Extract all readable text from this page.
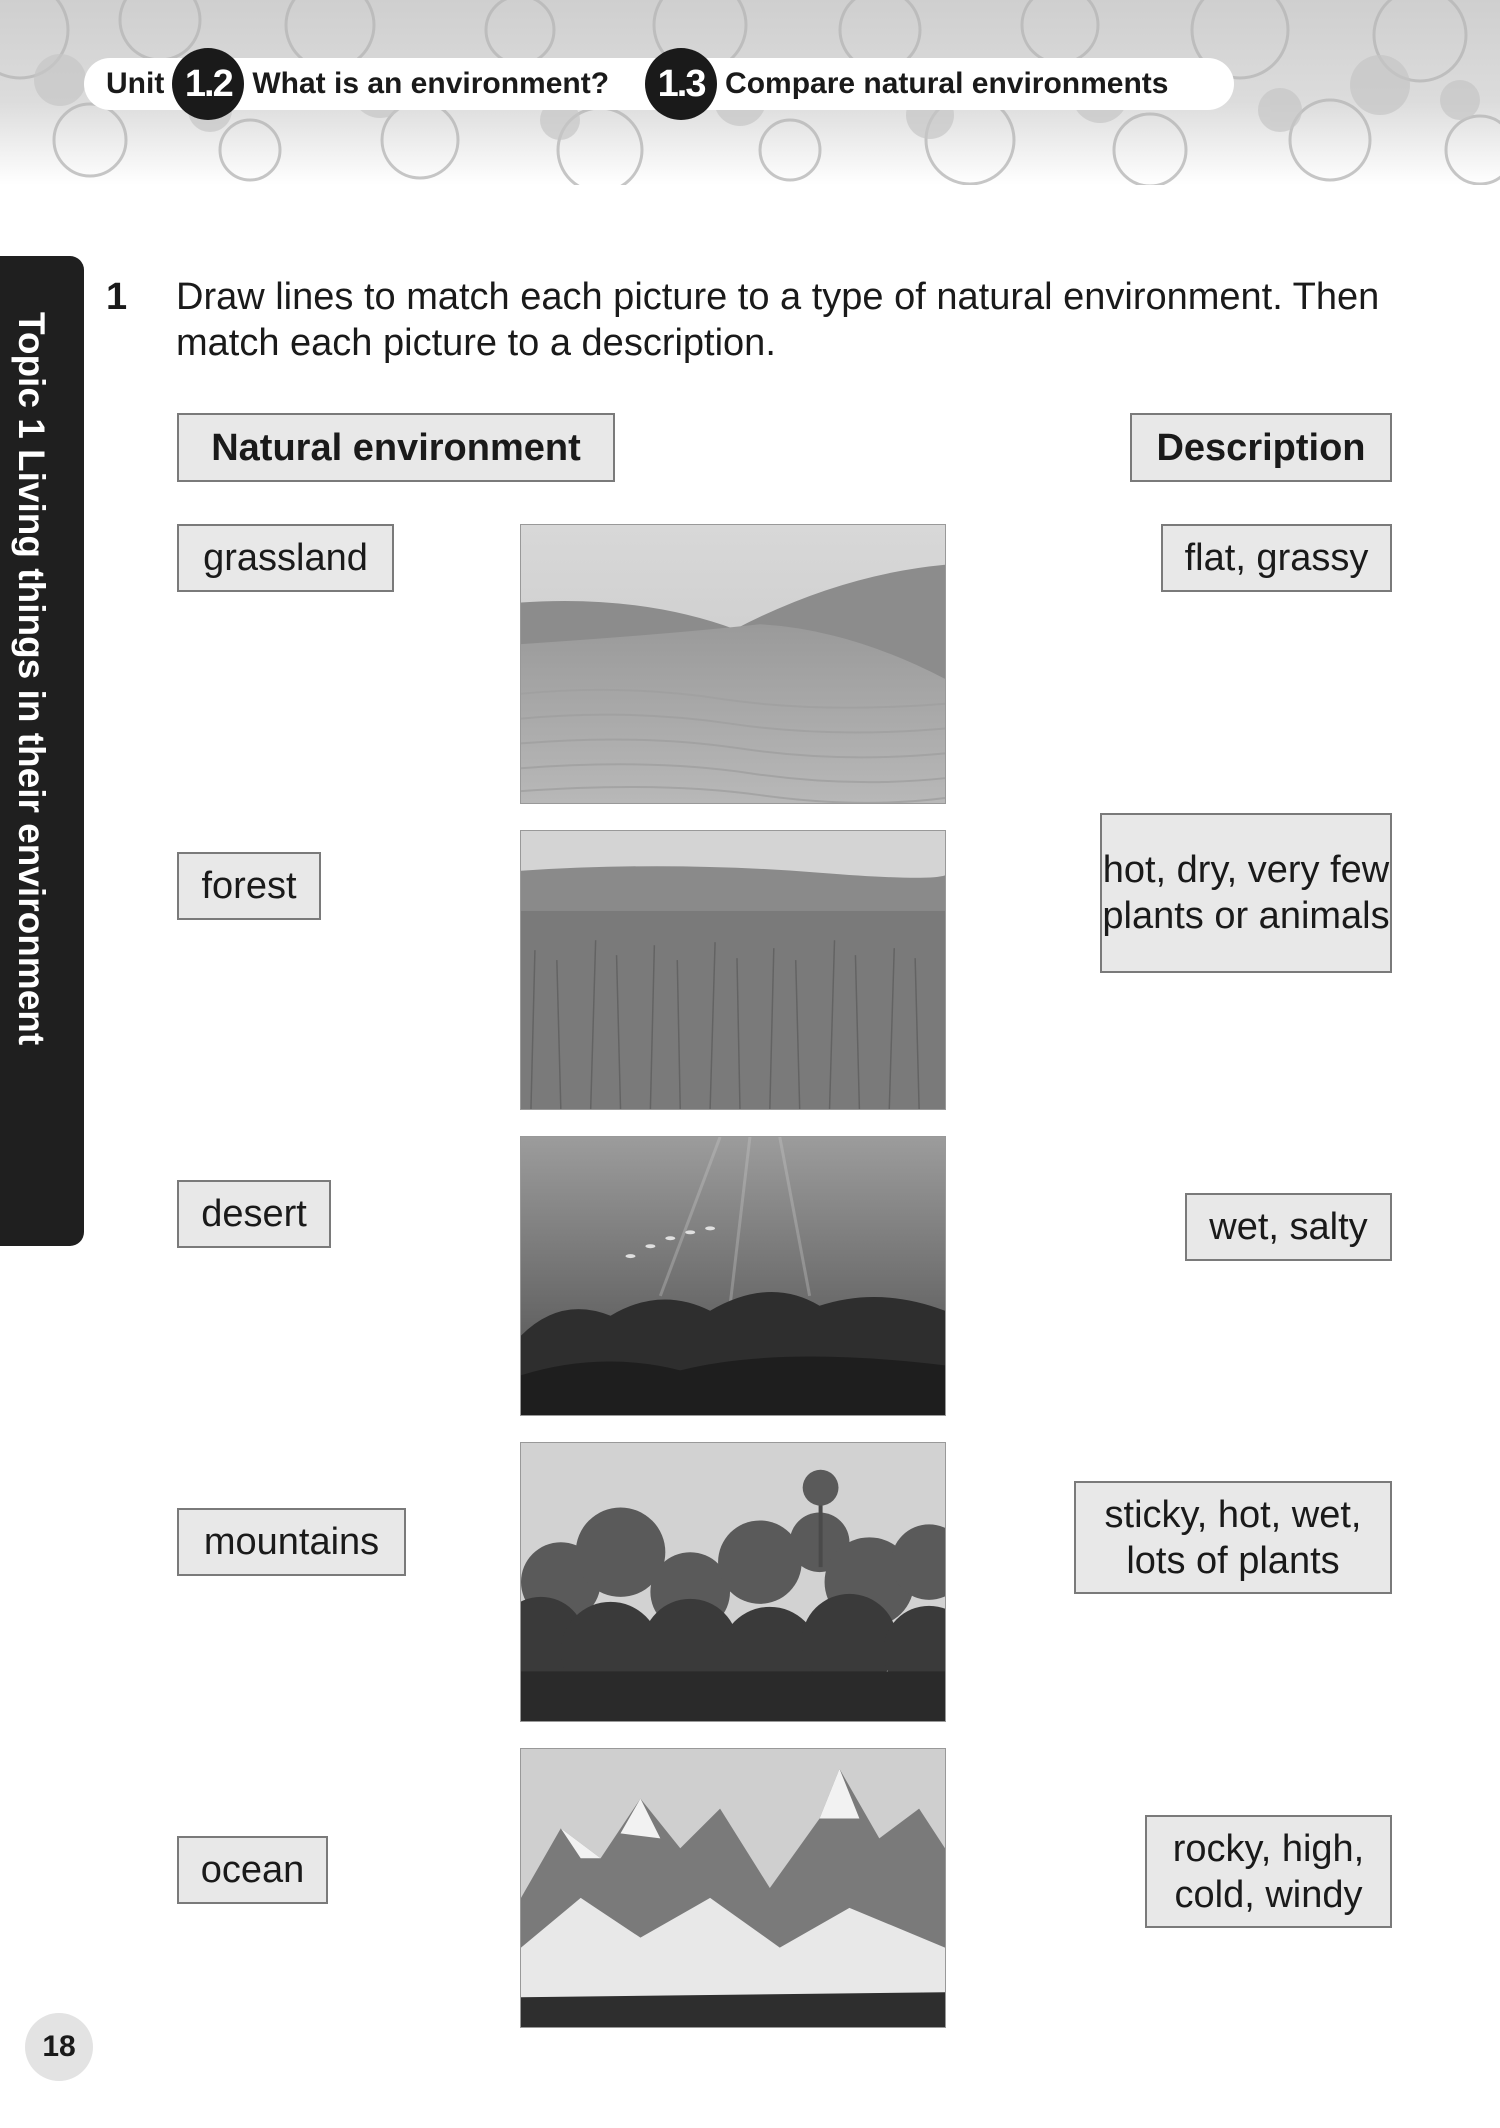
Unit 1.2 What is an environment?	1.3 Compare natural environments
Topic 1 Living things in their environment
1 Draw lines to match each picture to a type of natural environment. Then match each picture to a description.
Natural environment	Description
grassland
forest
desert
mountains
ocean
flat, grassy
hot, dry, very few plants or animals
wet, salty
sticky, hot, wet, lots of plants
rocky, high, cold, windy
18
